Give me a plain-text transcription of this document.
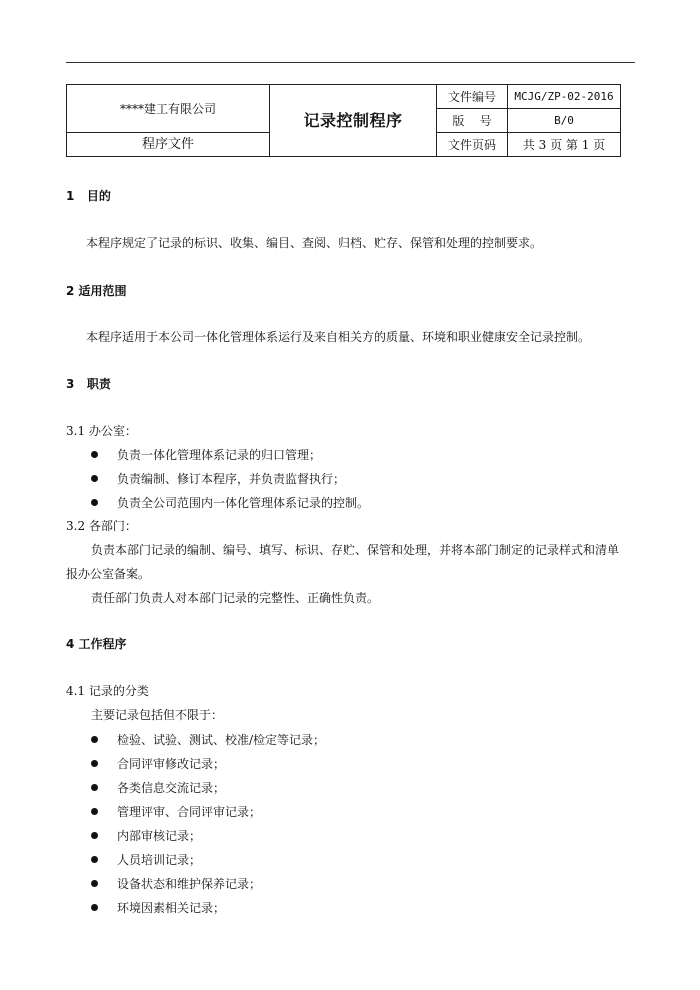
****建工有限公司	记录控制程序	文件编号	MCJG/ZP-02-2016
		版    号	B/0
程序文件		文件页码	共 3 页 第 1 页
1   目的
本程序规定了记录的标识、收集、编目、查阅、归档、贮存、保管和处理的控制要求。
2 适用范围
本程序适用于本公司一体化管理体系运行及来自相关方的质量、环境和职业健康安全记录控制。
3   职责
3.1 办公室：
负责一体化管理体系记录的归口管理；
负责编制、修订本程序，并负责监督执行；
负责全公司范围内一体化管理体系记录的控制。
3.2 各部门：
负责本部门记录的编制、编号、填写、标识、存贮、保管和处理，并将本部门制定的记录样式和清单
报办公室备案。
责任部门负责人对本部门记录的完整性、正确性负责。
4 工作程序
4.1 记录的分类
主要记录包括但不限于：
检验、试验、测试、校准/检定等记录；
合同评审修改记录；
各类信息交流记录；
管理评审、合同评审记录；
内部审核记录；
人员培训记录；
设备状态和维护保养记录；
环境因素相关记录；
